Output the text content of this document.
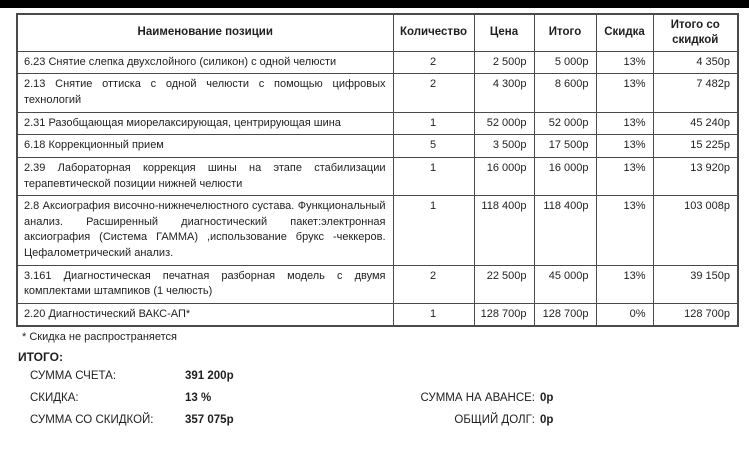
Наименование позиции	Количество	Цена	Итого	Скидка	Итого со скидкой
6.23 Снятие слепка двухслойного (силикон) с одной челюсти	2	2 500р	5 000р	13%	4 350р
2.13 Снятие оттиска с одной челюсти с помощью цифровых технологий	2	4 300р	8 600р	13%	7 482р
2.31 Разобщающая миорелаксирующая, центрирующая шина	1	52 000р	52 000р	13%	45 240р
6.18 Коррекционный прием	5	3 500р	17 500р	13%	15 225р
2.39 Лабораторная коррекция шины на этапе стабилизации терапевтической позиции нижней челюсти	1	16 000р	16 000р	13%	13 920р
2.8 Аксиография височно-нижнечелюстного сустава. Функциональный анализ. Расширенный диагностический пакет:электронная аксиография (Система ГАММА) ,использование брукс -чеккеров. Цефалометрический анализ.	1	118 400р	118 400р	13%	103 008р
3.161 Диагностическая печатная разборная модель с двумя комплектами штампиков (1 челюсть)	2	22 500р	45 000р	13%	39 150р
2.20 Диагностический ВАКС-АП*	1	128 700р	128 700р	0%	128 700р
* Скидка не распространяется
ИТОГО:
СУММА СЧЕТА:	391 200р
СКИДКА:	13 %
СУММА СО СКИДКОЙ:	357 075р
СУММА НА АВАНСЕ: 0р
ОБЩИЙ ДОЛГ: 0р
